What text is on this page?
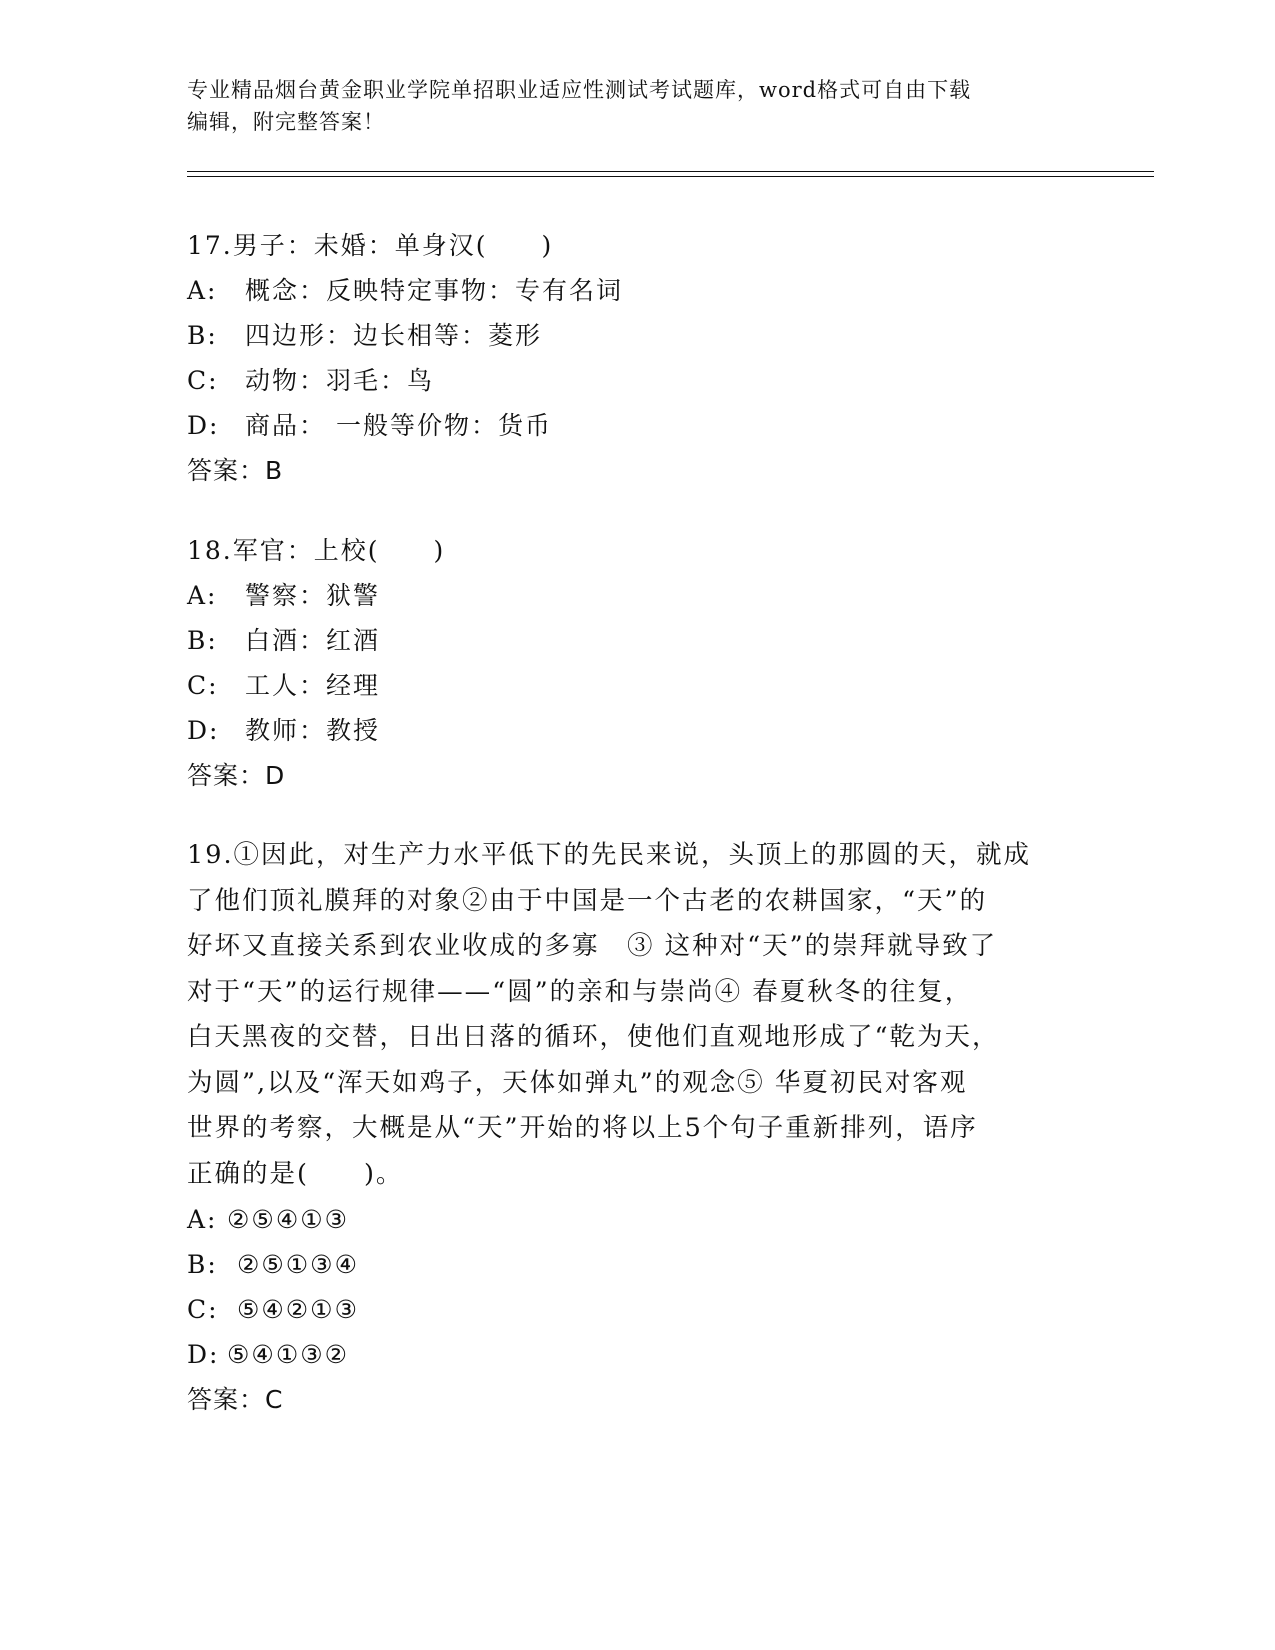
专业精品烟台黄金职业学院单招职业适应性测试考试题库，word格式可自由下载
编辑，附完整答案！
17.男子：未婚：单身汉(　　)
A: 概念：反映特定事物：专有名词
B: 四边形：边长相等：菱形
C: 动物：羽毛：鸟
D: 商品： 一般等价物：货币
答案：B
18.军官：上校(　　)
A: 警察：狱警
B: 白酒：红酒
C: 工人：经理
D: 教师：教授
答案：D
19.①因此，对生产力水平低下的先民来说，头顶上的那圆的天，就成
了他们顶礼膜拜的对象②由于中国是一个古老的农耕国家，“天”的
好坏又直接关系到农业收成的多寡　③ 这种对“天”的崇拜就导致了
对于“天”的运行规律——“圆”的亲和与崇尚④ 春夏秋冬的往复，
白天黑夜的交替，日出日落的循环，使他们直观地形成了“乾为天，
为圆”,以及“浑天如鸡子，天体如弹丸”的观念⑤ 华夏初民对客观
世界的考察，大概是从“天”开始的将以上5个句子重新排列，语序
正确的是(　　)。
A: ②⑤④①③
B: ②⑤①③④
C: ⑤④②①③
D: ⑤④①③②
答案：C
